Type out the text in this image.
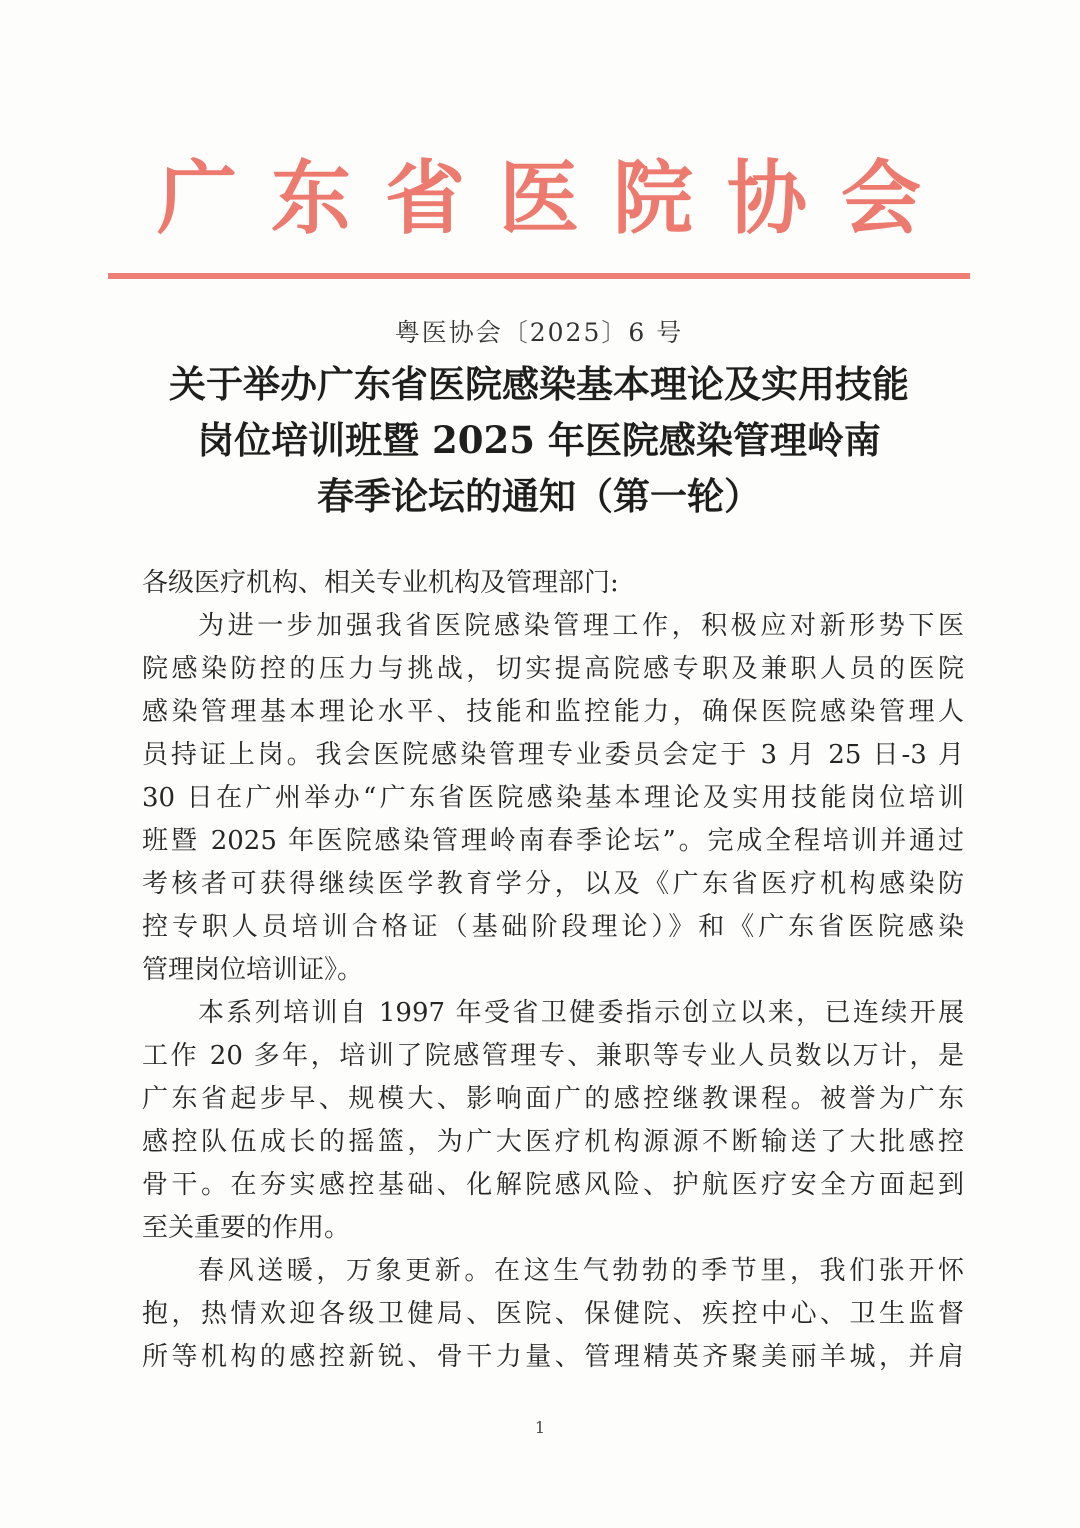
广东省医院协会
粤医协会〔2025〕6 号
关于举办广东省医院感染基本理论及实用技能
岗位培训班暨 2025 年医院感染管理岭南
春季论坛的通知（第一轮）
各级医疗机构、相关专业机构及管理部门:
为进一步加强我省医院感染管理工作，积极应对新形势下医
院感染防控的压力与挑战，切实提高院感专职及兼职人员的医院
感染管理基本理论水平、技能和监控能力，确保医院感染管理人
员持证上岗。我会医院感染管理专业委员会定于 3 月 25 日-3 月
30 日在广州举办“广东省医院感染基本理论及实用技能岗位培训
班暨 2025 年医院感染管理岭南春季论坛”。完成全程培训并通过
考核者可获得继续医学教育学分，以及《广东省医疗机构感染防
控专职人员培训合格证（基础阶段理论）》和《广东省医院感染
管理岗位培训证》。
本系列培训自 1997 年受省卫健委指示创立以来，已连续开展
工作 20 多年，培训了院感管理专、兼职等专业人员数以万计，是
广东省起步早、规模大、影响面广的感控继教课程。被誉为广东
感控队伍成长的摇篮，为广大医疗机构源源不断输送了大批感控
骨干。在夯实感控基础、化解院感风险、护航医疗安全方面起到
至关重要的作用。
春风送暖，万象更新。在这生气勃勃的季节里，我们张开怀
抱，热情欢迎各级卫健局、医院、保健院、疾控中心、卫生监督
所等机构的感控新锐、骨干力量、管理精英齐聚美丽羊城，并肩
1
